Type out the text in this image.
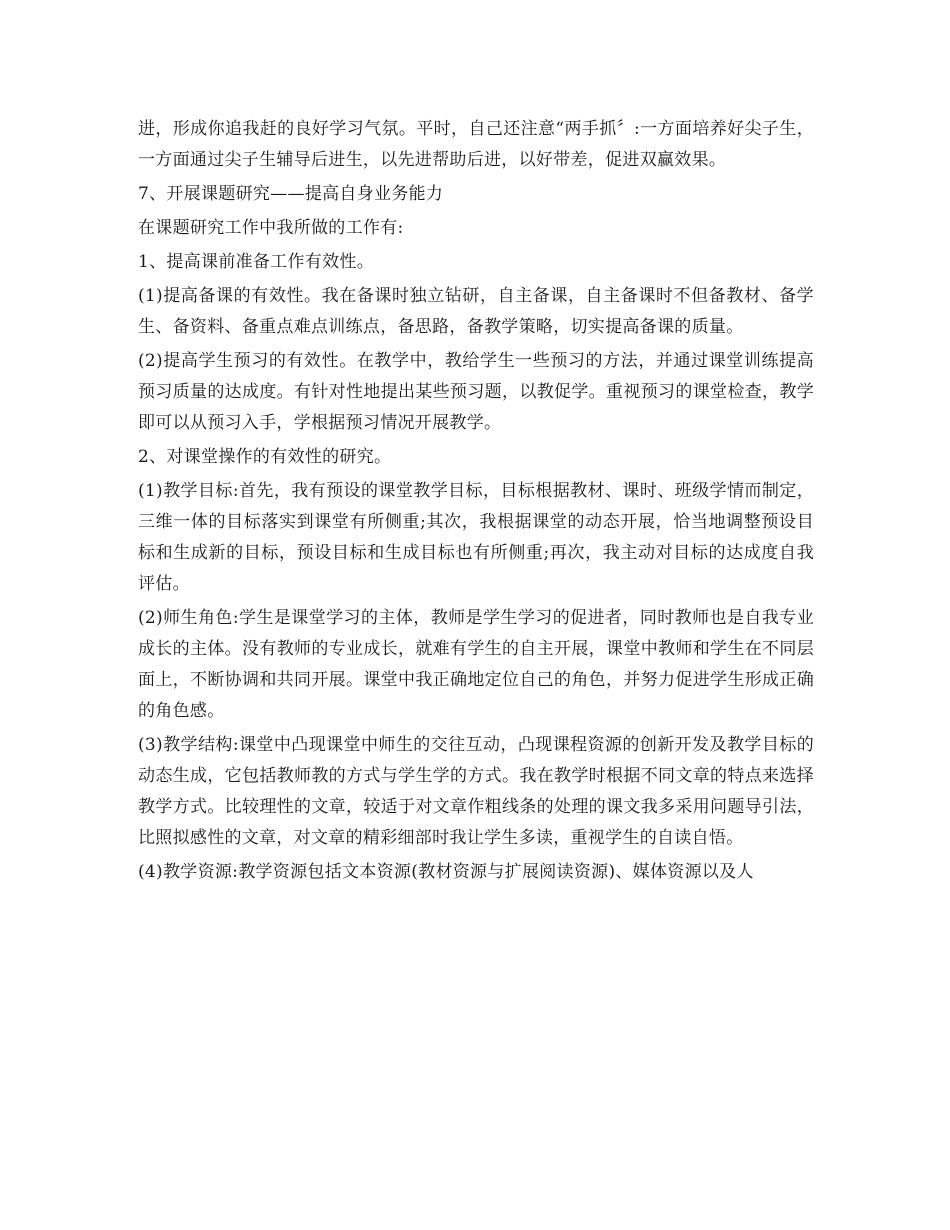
进，形成你追我赶的良好学习气氛。平时，自己还注意“两手抓〞:一方面培养好尖子生，一方面通过尖子生辅导后进生，以先进帮助后进，以好带差，促进双赢效果。

7、开展课题研究——提高自身业务能力

在课题研究工作中我所做的工作有:

1、提高课前准备工作有效性。

(1)提高备课的有效性。我在备课时独立钻研，自主备课，自主备课时不但备教材、备学生、备资料、备重点难点训练点，备思路，备教学策略，切实提高备课的质量。

(2)提高学生预习的有效性。在教学中，教给学生一些预习的方法，并通过课堂训练提高预习质量的达成度。有针对性地提出某些预习题，以教促学。重视预习的课堂检查，教学即可以从预习入手，学根据预习情况开展教学。

2、对课堂操作的有效性的研究。

(1)教学目标:首先，我有预设的课堂教学目标，目标根据教材、课时、班级学情而制定，三维一体的目标落实到课堂有所侧重;其次，我根据课堂的动态开展，恰当地调整预设目标和生成新的目标，预设目标和生成目标也有所侧重;再次，我主动对目标的达成度自我评估。

(2)师生角色:学生是课堂学习的主体，教师是学生学习的促进者，同时教师也是自我专业成长的主体。没有教师的专业成长，就难有学生的自主开展，课堂中教师和学生在不同层面上，不断协调和共同开展。课堂中我正确地定位自己的角色，并努力促进学生形成正确的角色感。

(3)教学结构:课堂中凸现课堂中师生的交往互动，凸现课程资源的创新开发及教学目标的动态生成，它包括教师教的方式与学生学的方式。我在教学时根据不同文章的特点来选择教学方式。比较理性的文章，较适于对文章作粗线条的处理的课文我多采用问题导引法，比照拟感性的文章，对文章的精彩细部时我让学生多读，重视学生的自读自悟。

(4)教学资源:教学资源包括文本资源(教材资源与扩展阅读资源)、媒体资源以及人
